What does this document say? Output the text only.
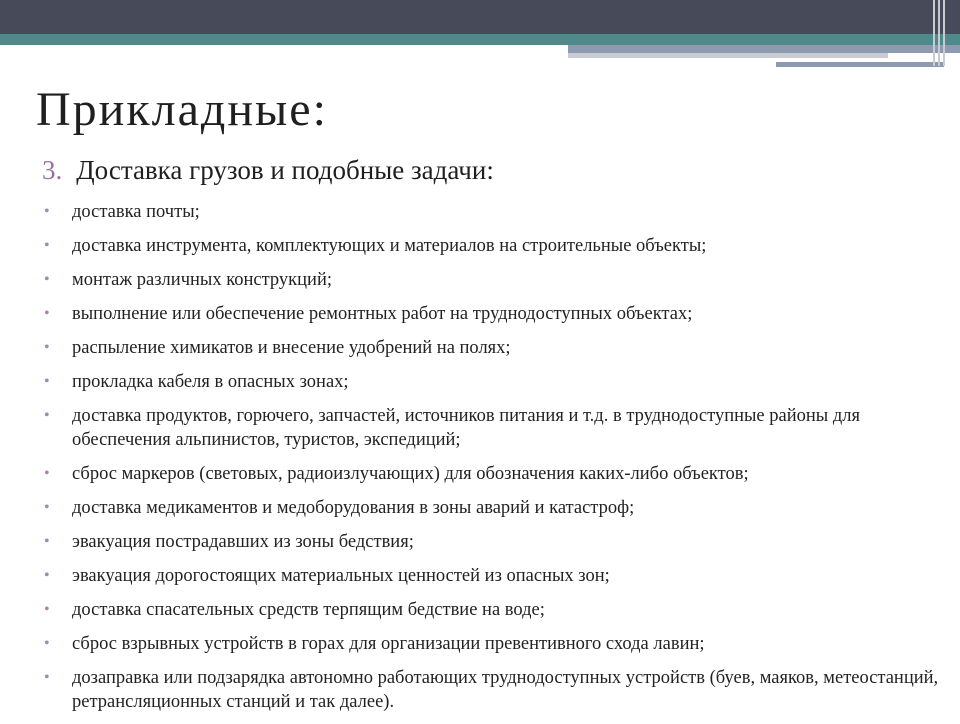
Прикладные:
3. Доставка грузов и подобные задачи:
• доставка почты;
• доставка инструмента, комплектующих и материалов на строительные объекты;
• монтаж различных конструкций;
• выполнение или обеспечение ремонтных работ на труднодоступных объектах;
• распыление химикатов и внесение удобрений на полях;
• прокладка кабеля в опасных зонах;
• доставка продуктов, горючего, запчастей, источников питания и т.д. в труднодоступные районы для обеспечения альпинистов, туристов, экспедиций;
• сброс маркеров (световых, радиоизлучающих) для обозначения каких-либо объектов;
• доставка медикаментов и медоборудования в зоны аварий и катастроф;
• эвакуация пострадавших из зоны бедствия;
• эвакуация дорогостоящих материальных ценностей из опасных зон;
• доставка спасательных средств терпящим бедствие на воде;
• сброс взрывных устройств в горах для организации превентивного схода лавин;
• дозаправка или подзарядка автономно работающих труднодоступных устройств (буев, маяков, метеостанций, ретрансляционных станций и так далее).
